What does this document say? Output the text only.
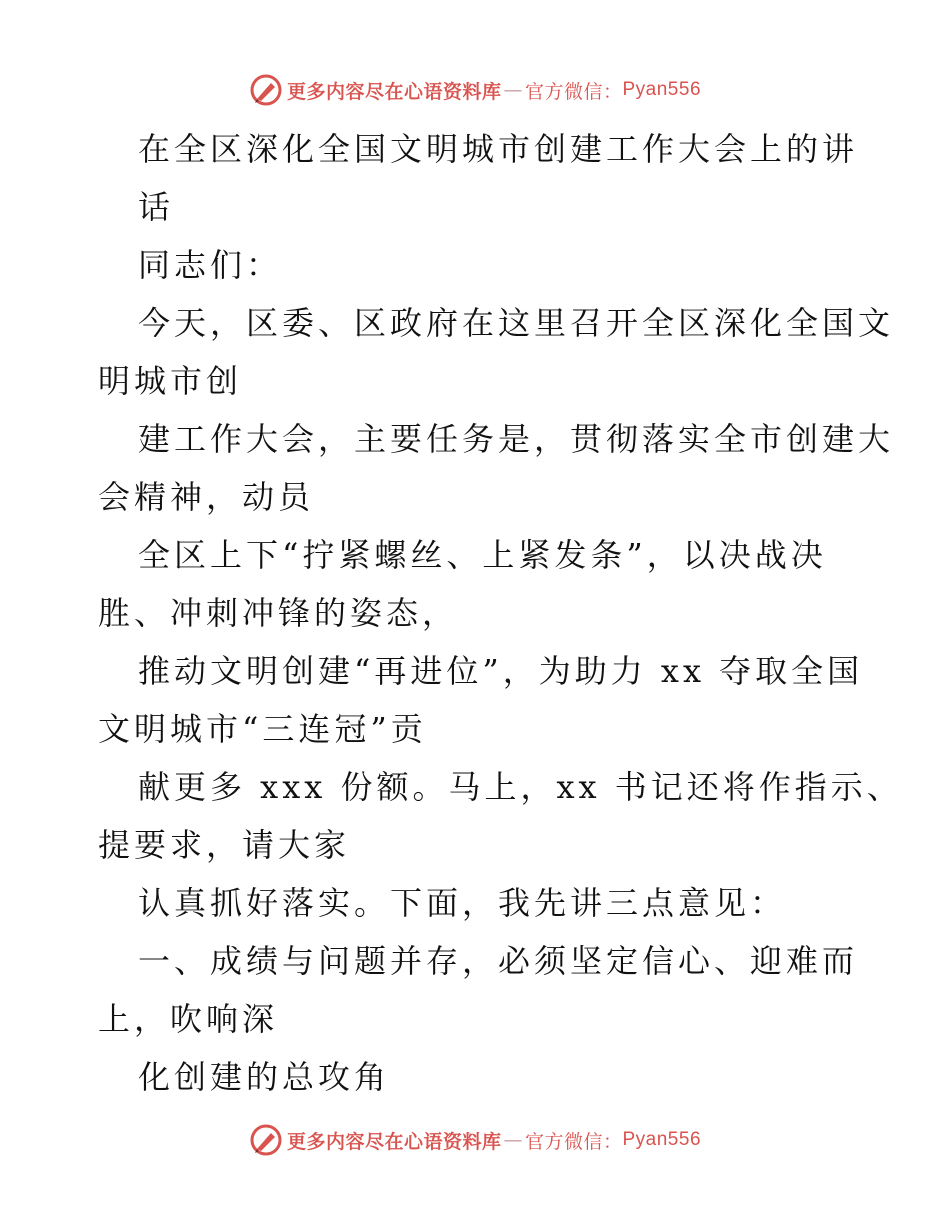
更多内容尽在心语资料库 — 官方微信： Pyan556
在全区深化全国文明城市创建工作大会上的讲
话
同志们：
今天，区委、区政府在这里召开全区深化全国文
明城市创
建工作大会，主要任务是，贯彻落实全市创建大
会精神，动员
全区上下“拧紧螺丝、上紧发条”，以决战决
胜、冲刺冲锋的姿态，
推动文明创建“再进位”，为助力 xx 夺取全国
文明城市“三连冠”贡
献更多 xxx 份额。马上，xx 书记还将作指示、
提要求，请大家
认真抓好落实。下面，我先讲三点意见：
一、成绩与问题并存，必须坚定信心、迎难而
上，吹响深
化创建的总攻角
更多内容尽在心语资料库 — 官方微信： Pyan556
